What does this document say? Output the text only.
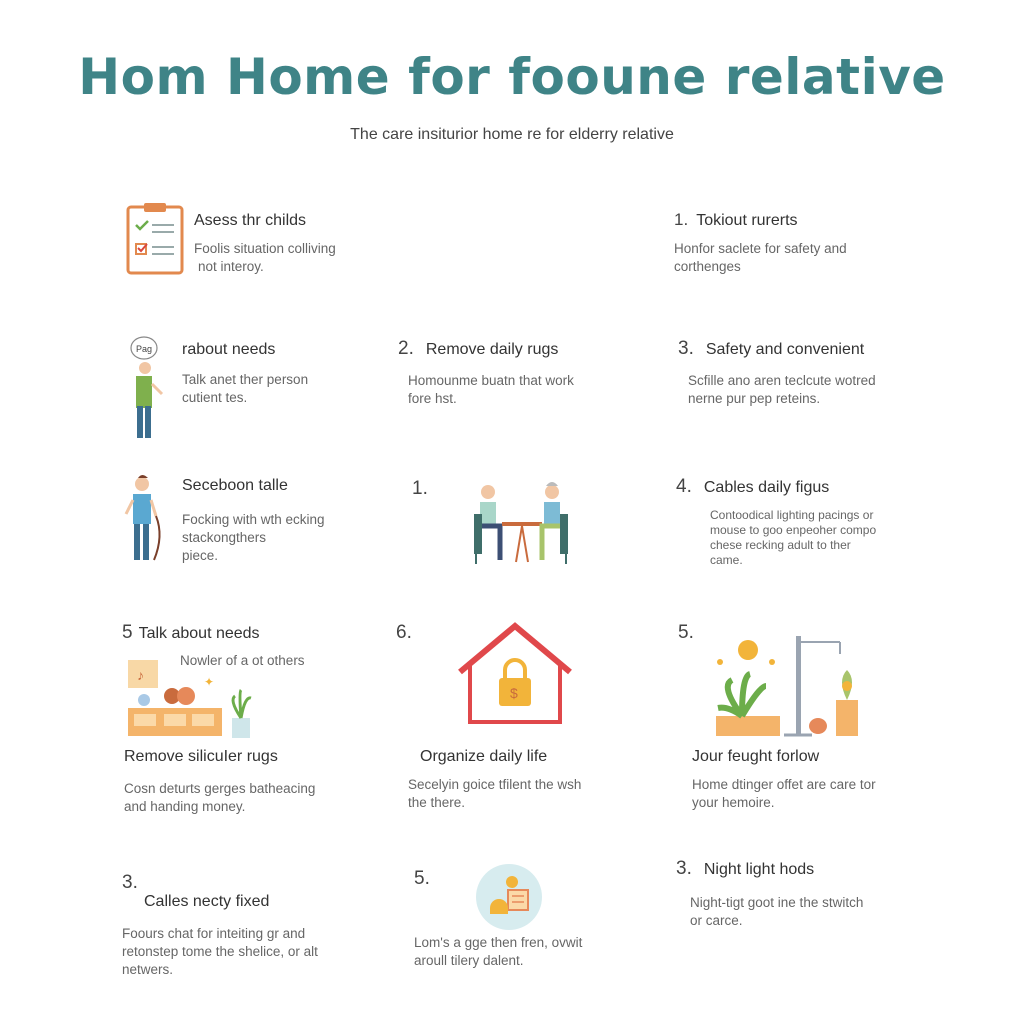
Hom Home for fooune relative
The care insiturior home re for elderry relative
Asess thr childs
Foolis situation colliving
not interoy.
1. Tokiout rurerts
Honfor saclete for safety and
corthenges
Pag rabout needs
Talk anet ther person
cutient tes.
2. Remove daily rugs
Homounme buatn that work
fore hst.
3. Safety and convenient
Scfille ano aren teclcute wotred
nerne pur pep reteins.
Seceboon talle
Focking with wth ecking
stackongthers
piece.
1.	4. Cables daily figus
Contoodical lighting pacings or
mouse to goo enpeoher compo
chese recking adult to ther
came.
5 Talk about needs
Nowler of a ot others
♪	✦
6.
$
5.
Remove silicuIer rugs
Cosn deturts gerges batheacing
and handing money.
Organize daily life
Secelyin goice tfilent the wsh
the there.
Jour feught forlow
Home dtinger offet are care tor
your hemoire.
3.
Calles necty fixed
Foours chat for inteiting gr and
retonstep tome the shelice, or alt
netwers.
5.
Lom's a gge then fren, ovwit
aroull tilery dalent.
3. Night light hods
Night-tigt goot ine the stwitch
or carce.
